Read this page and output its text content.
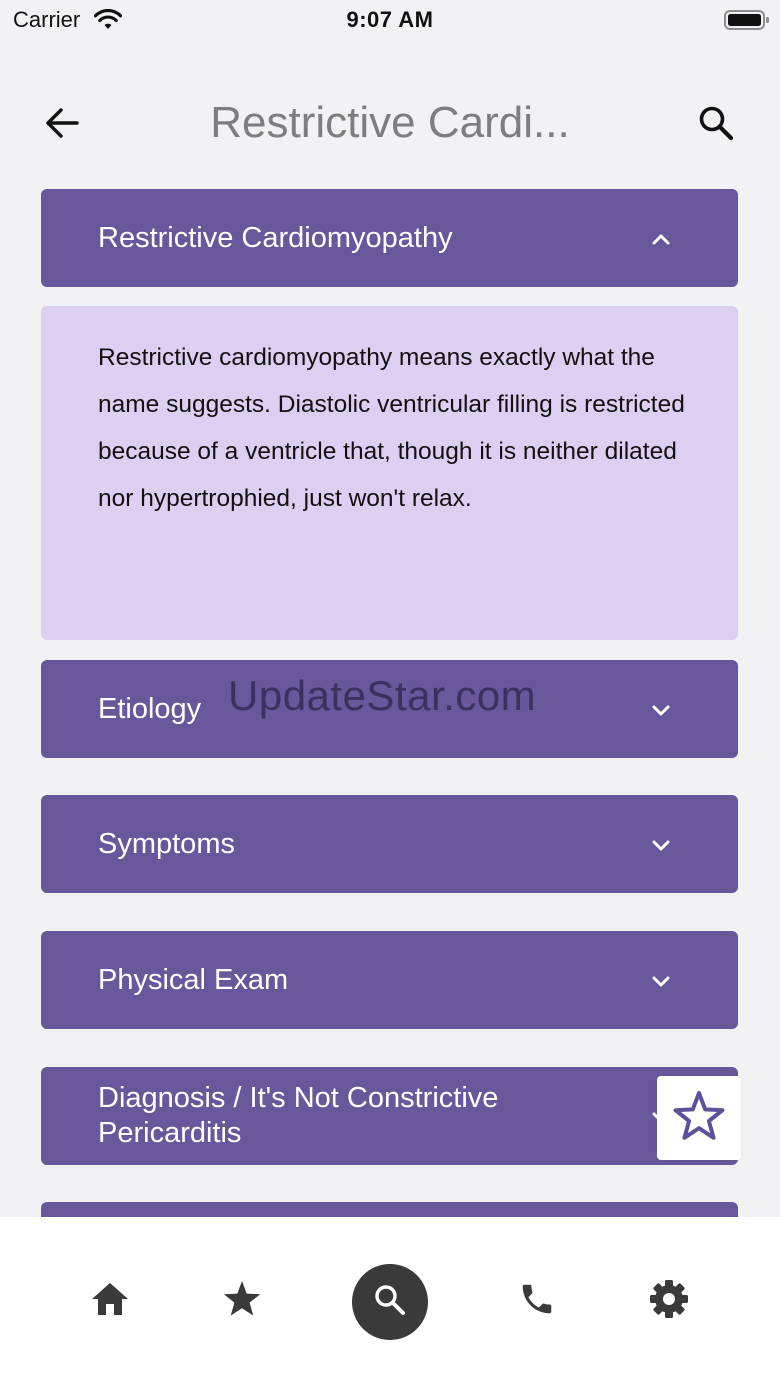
Carrier	9:07 AM
Restrictive Cardi...
Restrictive Cardiomyopathy

Restrictive cardiomyopathy means exactly what the name suggests. Diastolic ventricular filling is restricted because of a ventricle that, though it is neither dilated nor hypertrophied, just won't relax.

Etiology
Symptoms
Physical Exam
Diagnosis / It's Not Constrictive Pericarditis
UpdateStar.com
